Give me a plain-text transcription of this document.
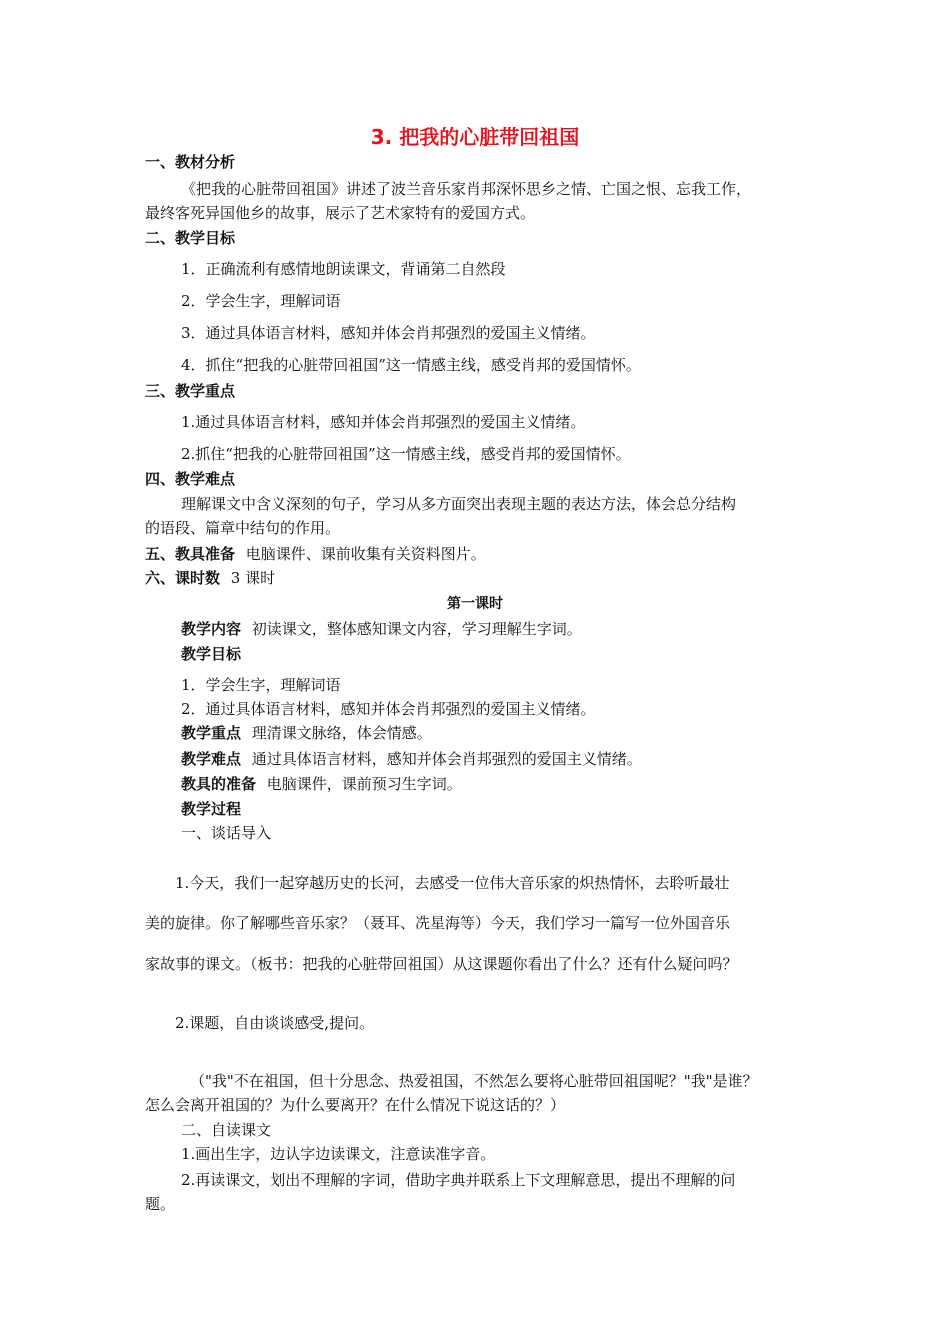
3. 把我的心脏带回祖国
一、教材分析
《把我的心脏带回祖国》讲述了波兰音乐家肖邦深怀思乡之情、亡国之恨、忘我工作，
最终客死异国他乡的故事，展示了艺术家特有的爱国方式。
二、教学目标
1．正确流利有感情地朗读课文，背诵第二自然段
2．学会生字，理解词语
3．通过具体语言材料，感知并体会肖邦强烈的爱国主义情绪。
4．抓住“把我的心脏带回祖国”这一情感主线，感受肖邦的爱国情怀。
三、教学重点
1.通过具体语言材料，感知并体会肖邦强烈的爱国主义情绪。
2.抓住“把我的心脏带回祖国”这一情感主线，感受肖邦的爱国情怀。
四、教学难点
理解课文中含义深刻的句子，学习从多方面突出表现主题的表达方法，体会总分结构
的语段、篇章中结句的作用。
五、教具准备 电脑课件、课前收集有关资料图片。
六、课时数 3 课时
第一课时
教学内容 初读课文，整体感知课文内容，学习理解生字词。
教学目标
1．学会生字，理解词语
2．通过具体语言材料，感知并体会肖邦强烈的爱国主义情绪。
教学重点 理清课文脉络，体会情感。
教学难点 通过具体语言材料，感知并体会肖邦强烈的爱国主义情绪。
教具的准备 电脑课件，课前预习生字词。
教学过程
一、谈话导入
1.今天，我们一起穿越历史的长河，去感受一位伟大音乐家的炽热情怀，去聆听最壮
美的旋律。你了解哪些音乐家？（聂耳、冼星海等）今天，我们学习一篇写一位外国音乐
家故事的课文。（板书：把我的心脏带回祖国）从这课题你看出了什么？还有什么疑问吗？
2.课题，自由谈谈感受,提问。
（"我"不在祖国，但十分思念、热爱祖国，不然怎么要将心脏带回祖国呢？"我"是谁？
怎么会离开祖国的？为什么要离开？在什么情况下说这话的？）
二、自读课文
1.画出生字，边认字边读课文，注意读准字音。
2.再读课文，划出不理解的字词，借助字典并联系上下文理解意思，提出不理解的问
题。
